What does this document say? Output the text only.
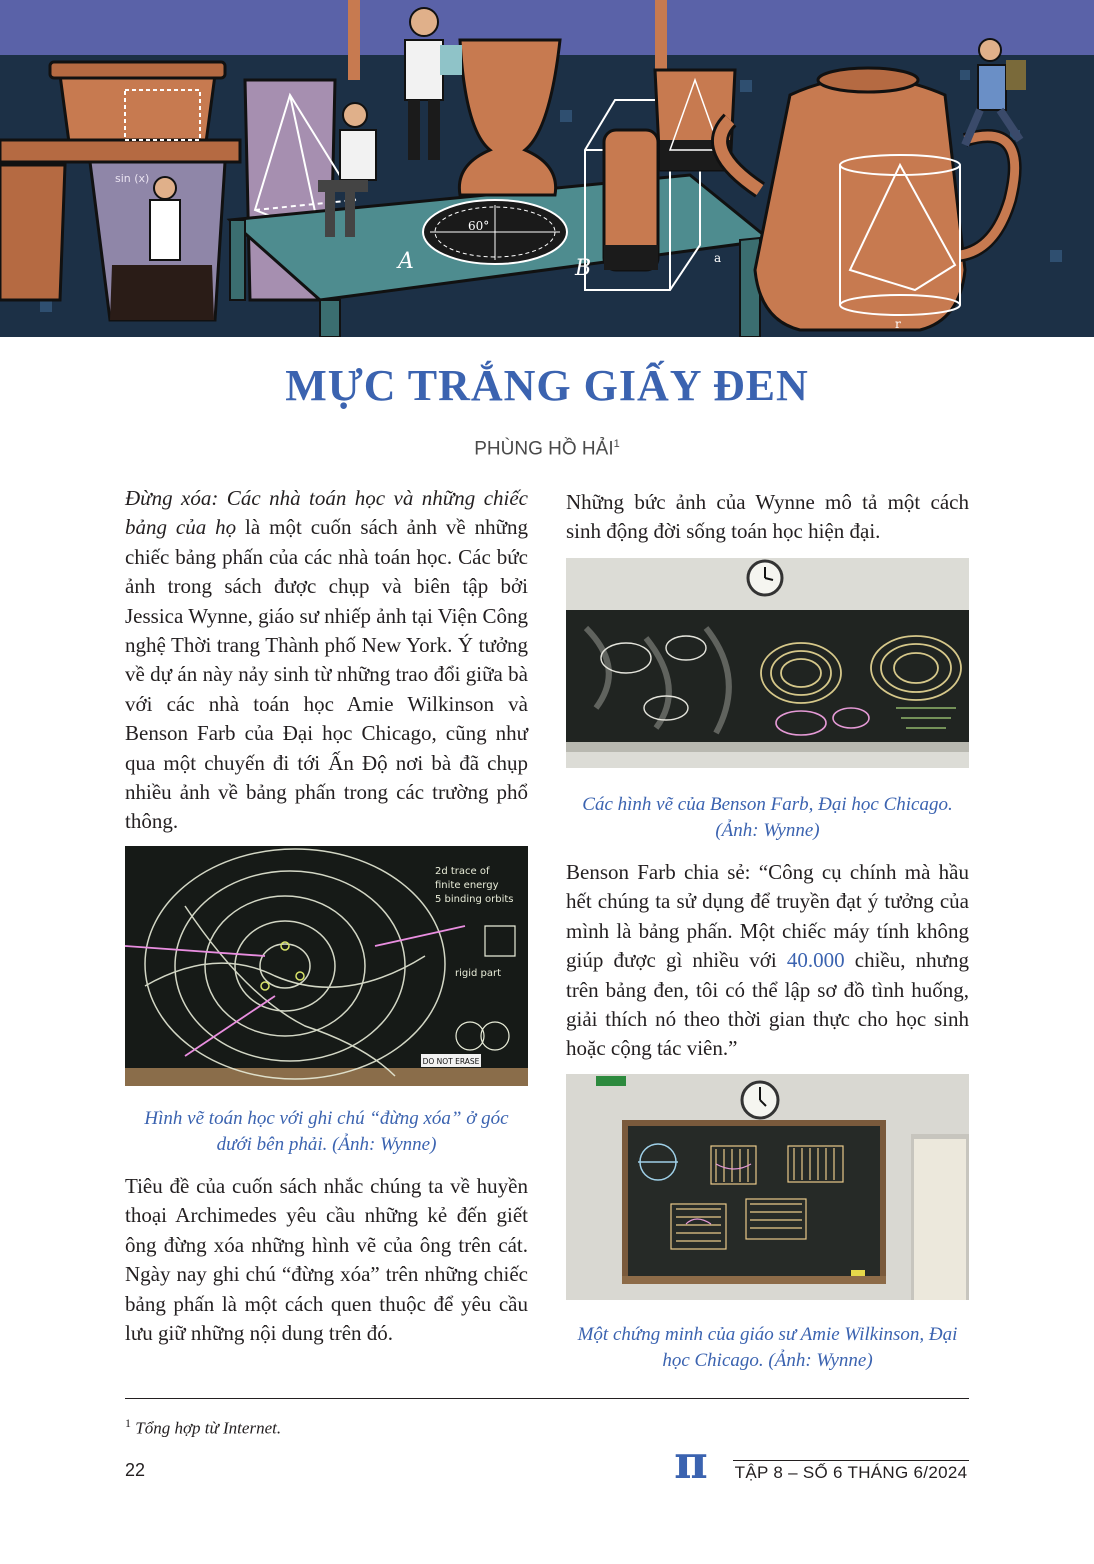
sin (x)
60°
A	B	a
r
MỰC TRẮNG GIẤY ĐEN
PHÙNG HỒ HẢI$^1$

Đừng xóa: Các nhà toán học và những chiếc bảng của họ là một cuốn sách ảnh về những chiếc bảng phấn của các nhà toán học. Các bức ảnh trong sách được chụp và biên tập bởi Jessica Wynne, giáo sư nhiếp ảnh tại Viện Công nghệ Thời trang Thành phố New York. Ý tưởng về dự án này nảy sinh từ những trao đổi giữa bà với các nhà toán học Amie Wilkinson và Benson Farb của Đại học Chicago, cũng như qua một chuyến đi tới Ấn Độ nơi bà đã chụp nhiều ảnh về bảng phấn trong các trường phổ thông.

2d trace of
finite energy
5 binding orbits
rigid part
DO NOT ERASE
Hình vẽ toán học với ghi chú “đừng xóa” ở góc dưới bên phải. (Ảnh: Wynne)

Tiêu đề của cuốn sách nhắc chúng ta về huyền thoại Archimedes yêu cầu những kẻ đến giết ông đừng xóa những hình vẽ của ông trên cát. Ngày nay ghi chú “đừng xóa” trên những chiếc bảng phấn là một cách quen thuộc để yêu cầu lưu giữ những nội dung trên đó.

Những bức ảnh của Wynne mô tả một cách sinh động đời sống toán học hiện đại.

Các hình vẽ của Benson Farb, Đại học Chicago. (Ảnh: Wynne)

Benson Farb chia sẻ: “Công cụ chính mà hầu hết chúng ta sử dụng để truyền đạt ý tưởng của mình là bảng phấn. Một chiếc máy tính không giúp được gì nhiều với 40.000 chiều, nhưng trên bảng đen, tôi có thể lập sơ đồ tình huống, giải thích nó theo thời gian thực cho học sinh hoặc cộng tác viên.”

Một chứng minh của giáo sư Amie Wilkinson, Đại học Chicago. (Ảnh: Wynne)
$^1$ Tổng hợp từ Internet.
22	π TẬP 8 – SỐ 6 THÁNG 6/2024
